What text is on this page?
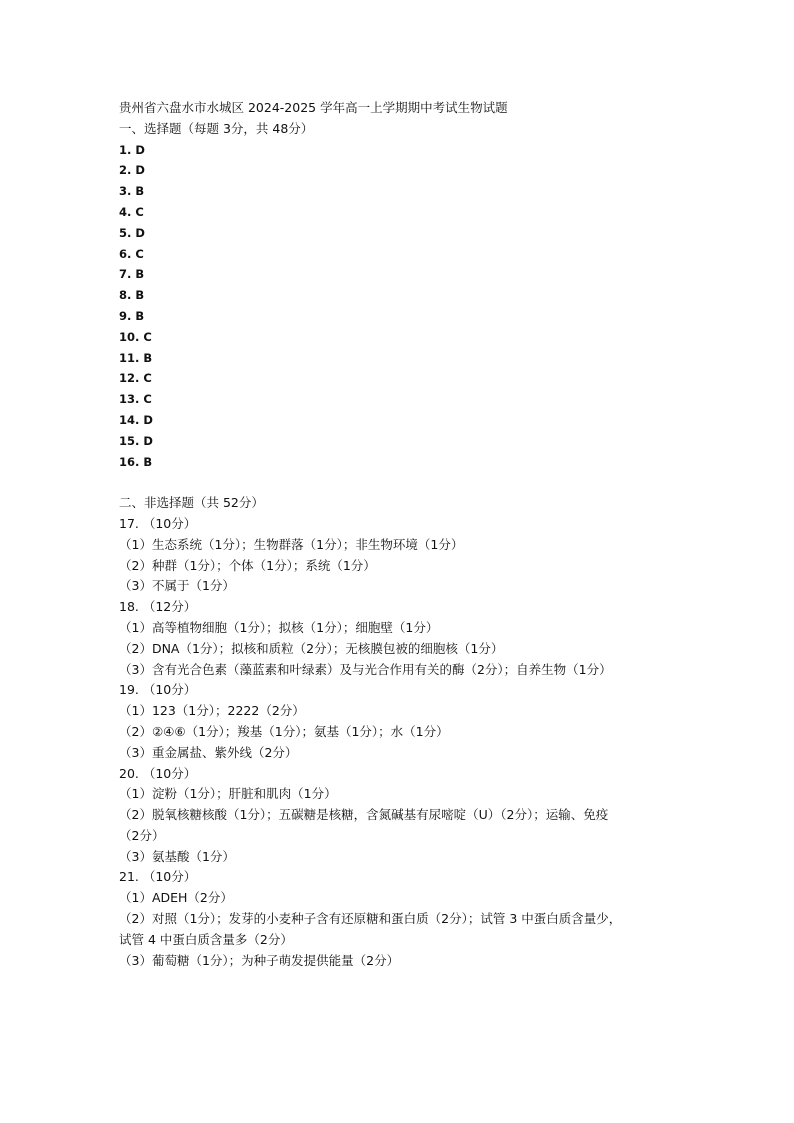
贵州省六盘水市水城区 2024-2025 学年高一上学期期中考试生物试题
一、选择题（每题 3分，共 48分）
1. D
2. D
3. B
4. C
5. D
6. C
7. B
8. B
9. B
10. C
11. B
12. C
13. C
14. D
15. D
16. B
二、非选择题（共 52分）
17. （10分）
（1）生态系统（1分）；生物群落（1分）；非生物环境（1分）
（2）种群（1分）；个体（1分）；系统（1分）
（3）不属于（1分）
18. （12分）
（1）高等植物细胞（1分）；拟核（1分）；细胞壁（1分）
（2）DNA（1分）；拟核和质粒（2分）；无核膜包被的细胞核（1分）
（3）含有光合色素（藻蓝素和叶绿素）及与光合作用有关的酶（2分）；自养生物（1分）
19. （10分）
（1）123（1分）；2222（2分）
（2）②④⑥（1分）；羧基（1分）；氨基（1分）；水（1分）
（3）重金属盐、紫外线（2分）
20. （10分）
（1）淀粉（1分）；肝脏和肌肉（1分）
（2）脱氧核糖核酸（1分）；五碳糖是核糖，含氮碱基有尿嘧啶（U）（2分）；运输、免疫
（2分）
（3）氨基酸（1分）
21. （10分）
（1）ADEH（2分）
（2）对照（1分）；发芽的小麦种子含有还原糖和蛋白质（2分）；试管 3 中蛋白质含量少，
试管 4 中蛋白质含量多（2分）
（3）葡萄糖（1分）；为种子萌发提供能量（2分）
